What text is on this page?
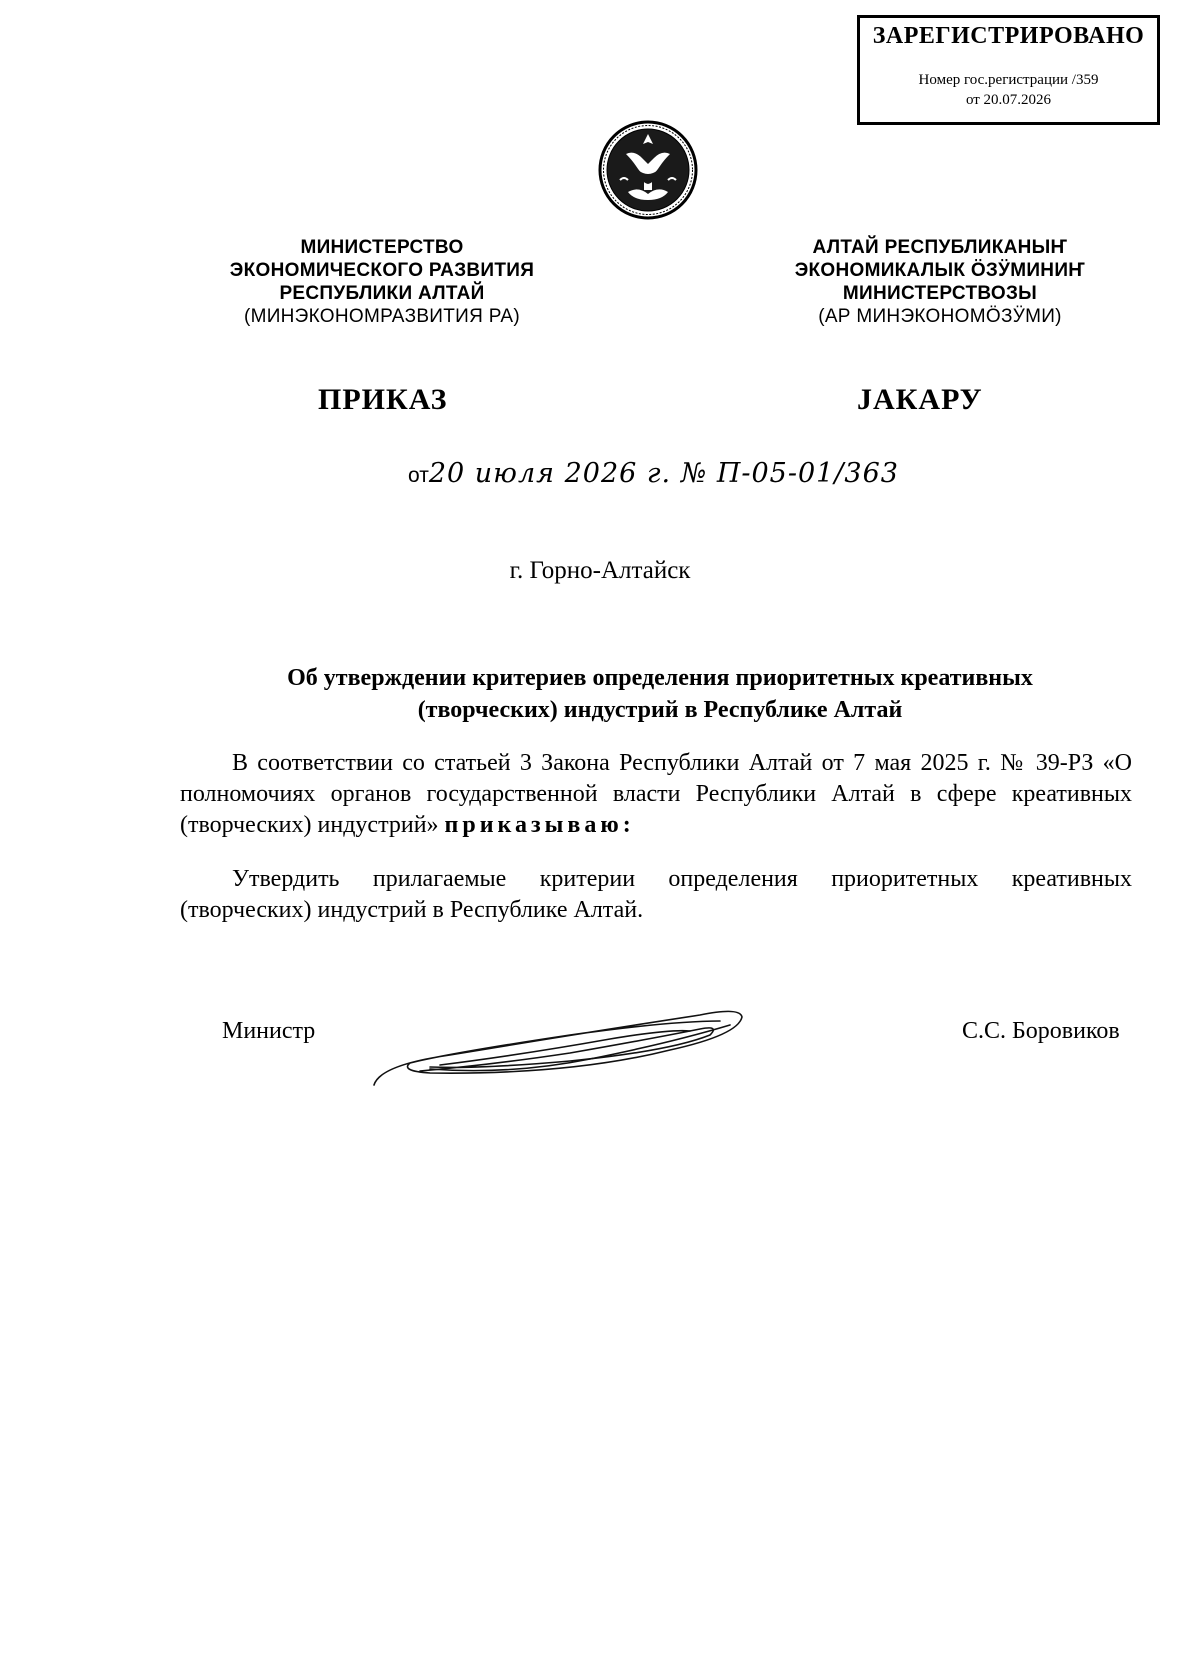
ЗАРЕГИСТРИРОВАНО
Номер гос.регистрации /359
от 20.07.2026
МИНИСТЕРСТВО
ЭКОНОМИЧЕСКОГО РАЗВИТИЯ
РЕСПУБЛИКИ АЛТАЙ
(МИНЭКОНОМРАЗВИТИЯ РА)
АЛТАЙ РЕСПУБЛИКАНЫҤ
ЭКОНОМИКАЛЫК ÖЗӰМИНИҤ
МИНИСТЕРСТВОЗЫ
(АР МИНЭКОНОМÖЗӰМИ)
ПРИКАЗ	JАКАРУ
от20 июля 2026 г. № П-05-01/363
г. Горно-Алтайск
Об утверждении критериев определения приоритетных креативных
(творческих) индустрий в Республике Алтай
В соответствии со статьей 3 Закона Республики Алтай от 7 мая 2025 г. № 39-РЗ «О полномочиях органов государственной власти Республики Алтай в сфере креативных (творческих) индустрий» приказываю:
Утвердить прилагаемые критерии определения приоритетных креативных (творческих) индустрий в Республике Алтай.
Министр	С.С. Боровиков
